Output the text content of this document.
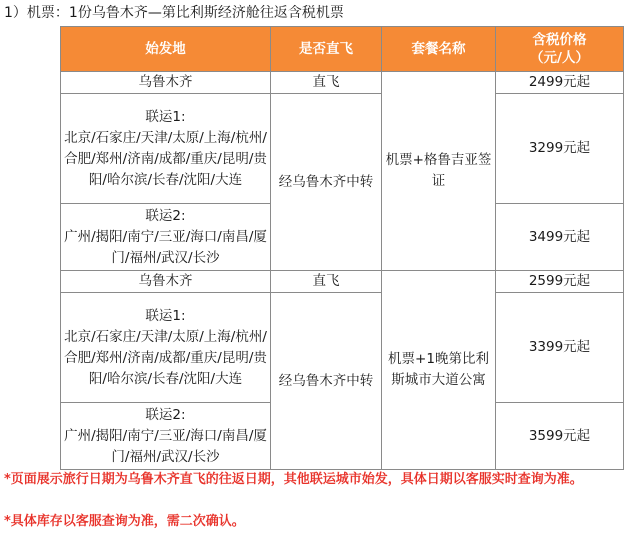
1）机票：1份乌鲁木齐—第比利斯经济舱往返含税机票
始发地	是否直飞	套餐名称	含税价格
（元/人）
乌鲁木齐	直飞	机票+格鲁吉亚签证	2499元起
联运1:
北京/石家庄/天津/太原/上海/杭州/合肥/郑州/济南/成都/重庆/昆明/贵阳/哈尔滨/长春/沈阳/大连	经乌鲁木齐中转		3299元起
联运2:
广州/揭阳/南宁/三亚/海口/南昌/厦门/福州/武汉/长沙			3499元起
乌鲁木齐	直飞	机票+1晚第比利斯城市大道公寓	2599元起
联运1:
北京/石家庄/天津/太原/上海/杭州/合肥/郑州/济南/成都/重庆/昆明/贵阳/哈尔滨/长春/沈阳/大连	经乌鲁木齐中转		3399元起
联运2:
广州/揭阳/南宁/三亚/海口/南昌/厦门/福州/武汉/长沙			3599元起
*页面展示旅行日期为乌鲁木齐直飞的往返日期，其他联运城市始发，具体日期以客服实时查询为准。
*具体库存以客服查询为准，需二次确认。
